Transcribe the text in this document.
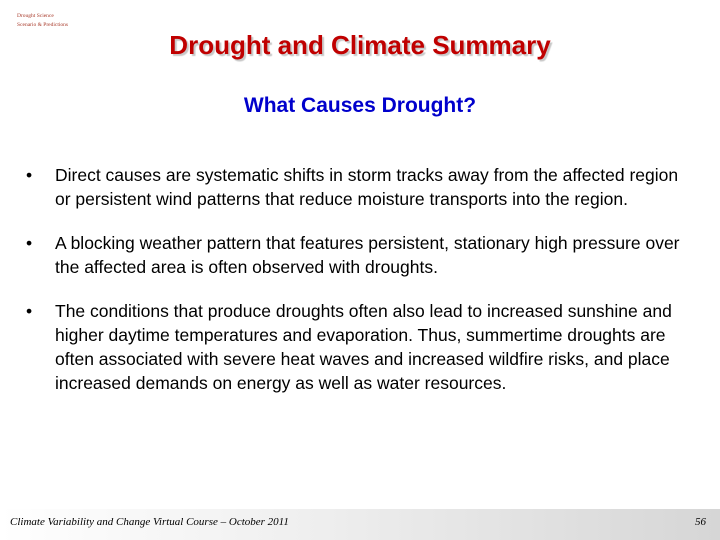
Drought Science
Scenario & Predictions
Drought and Climate Summary
What Causes Drought?
•	Direct causes are systematic shifts in storm tracks away from the affected region or persistent wind patterns that reduce moisture transports into the region.
•	A blocking weather pattern that features persistent, stationary high pressure over the affected area is often observed with droughts.
•	The conditions that produce droughts often also lead to increased sunshine and higher daytime temperatures and evaporation. Thus, summertime droughts are often associated with severe heat waves and increased wildfire risks, and place increased demands on energy as well as water resources.
Climate Variability and Change Virtual Course – October 2011	56
